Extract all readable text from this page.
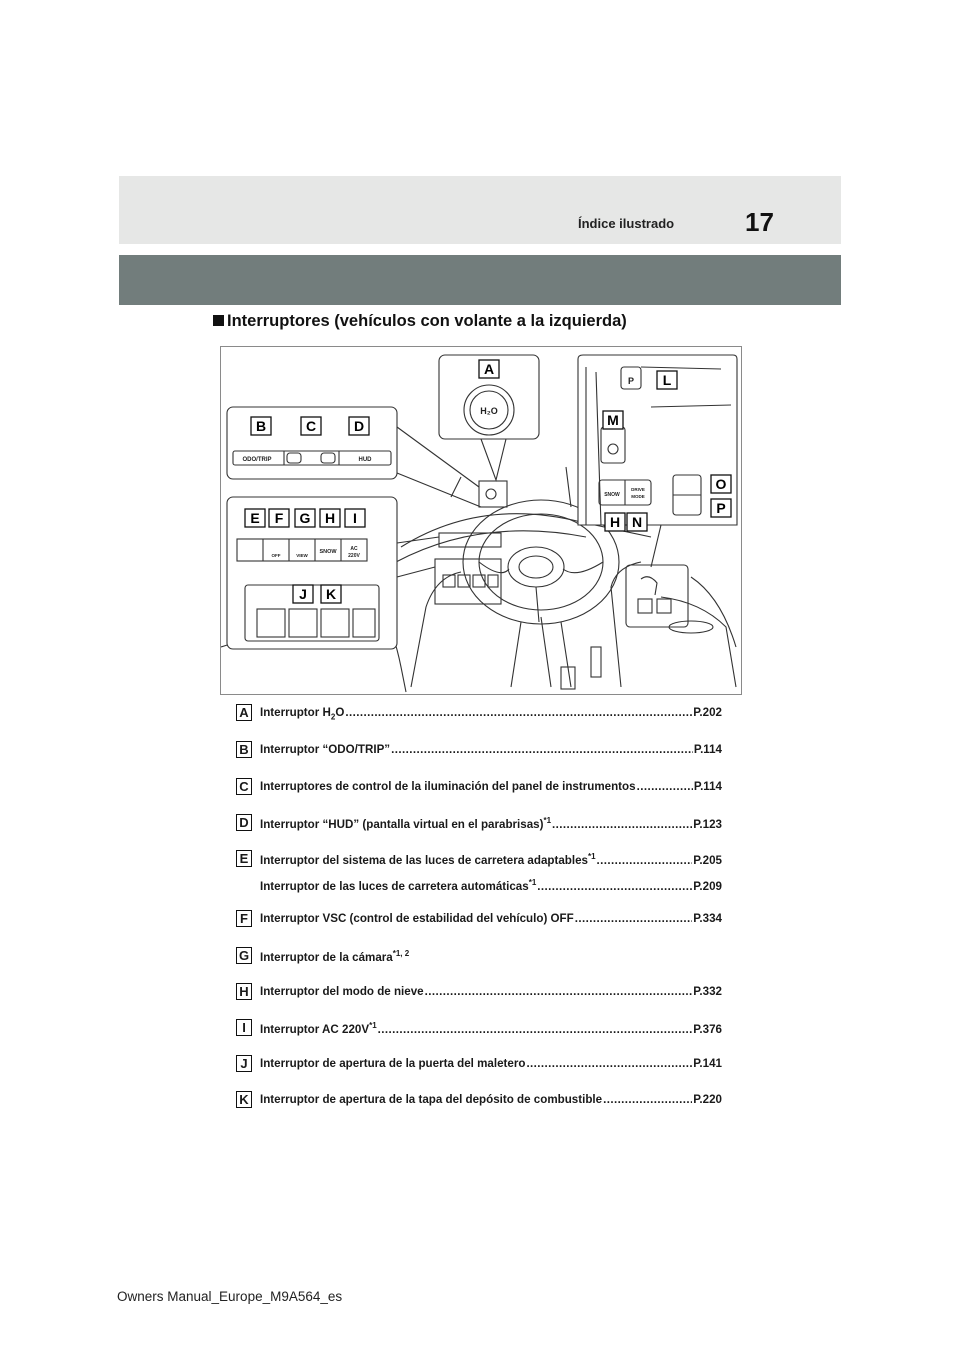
17
Índice ilustrado
Interruptores (vehículos con volante a la izquierda)
H₂O
ODO/TRIP	HUD
OFF	VIEW
SNOW	AC
220V
SNOW
DRIVE
MODE
P
A
B	C	D
E F G H I
J K
L
M
H N
O
P
A Interruptor $H_2O$ .....	P.202
B Interruptor “ODO/TRIP” .....	P.114
C Interruptores de control de la iluminación del panel de instrumentos .....	P.114
D Interruptor “HUD” (pantalla virtual en el parabrisas)$^{*1}$ .....	P.123
E	Interruptor del sistema de las luces de carretera adaptables$^{*1}$ .....	P.205
Interruptor de las luces de carretera automáticas$^{*1}$ .....	P.209
F	Interruptor VSC (control de estabilidad del vehículo) OFF .....	P.334
G Interruptor de la cámara$^{*1, 2}$
H Interruptor del modo de nieve .....	P.332
I	Interruptor AC $220V^{*1}$ .....	P.376
J	Interruptor de apertura de la puerta del maletero .....	P.141
K Interruptor de apertura de la tapa del depósito de combustible .....	P.220
Owners Manual_Europe_M9A564_es
